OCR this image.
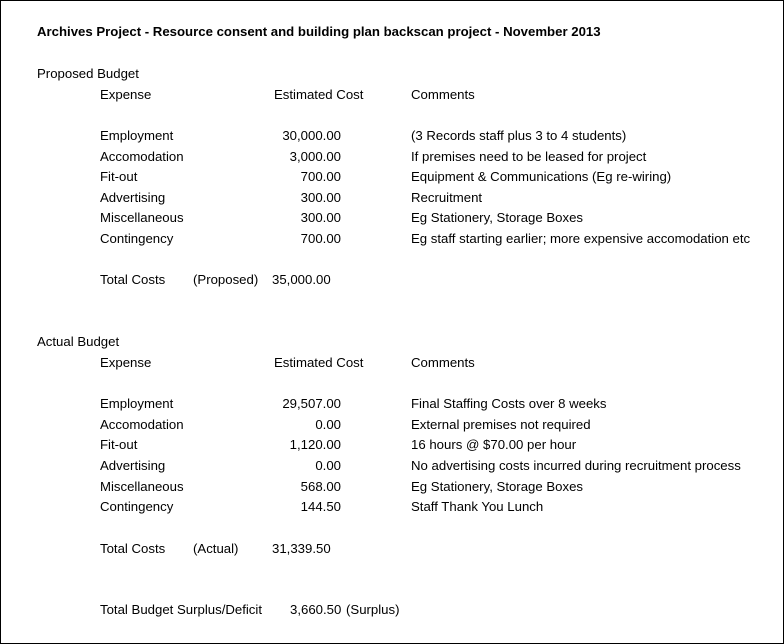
Archives Project - Resource consent and building plan backscan project - November 2013
Proposed Budget
Expense	Estimated Cost	Comments
Employment	30,000.00	(3 Records staff plus 3 to 4 students)
Accomodation	3,000.00	If premises need to be leased for project
Fit-out	700.00	Equipment & Communications (Eg re-wiring)
Advertising	300.00	Recruitment
Miscellaneous	300.00	Eg Stationery, Storage Boxes
Contingency	700.00	Eg staff starting earlier; more expensive accomodation etc
Total Costs (Proposed) 35,000.00
Actual Budget
Expense	Estimated Cost	Comments
Employment	29,507.00	Final Staffing Costs over 8 weeks
Accomodation	0.00	External premises not required
Fit-out	1,120.00	16 hours @ $70.00 per hour
Advertising	0.00	No advertising costs incurred during recruitment process
Miscellaneous	568.00	Eg Stationery, Storage Boxes
Contingency	144.50	Staff Thank You Lunch
Total Costs (Actual)	31,339.50
Total Budget Surplus/Deficit 3,660.50 (Surplus)
